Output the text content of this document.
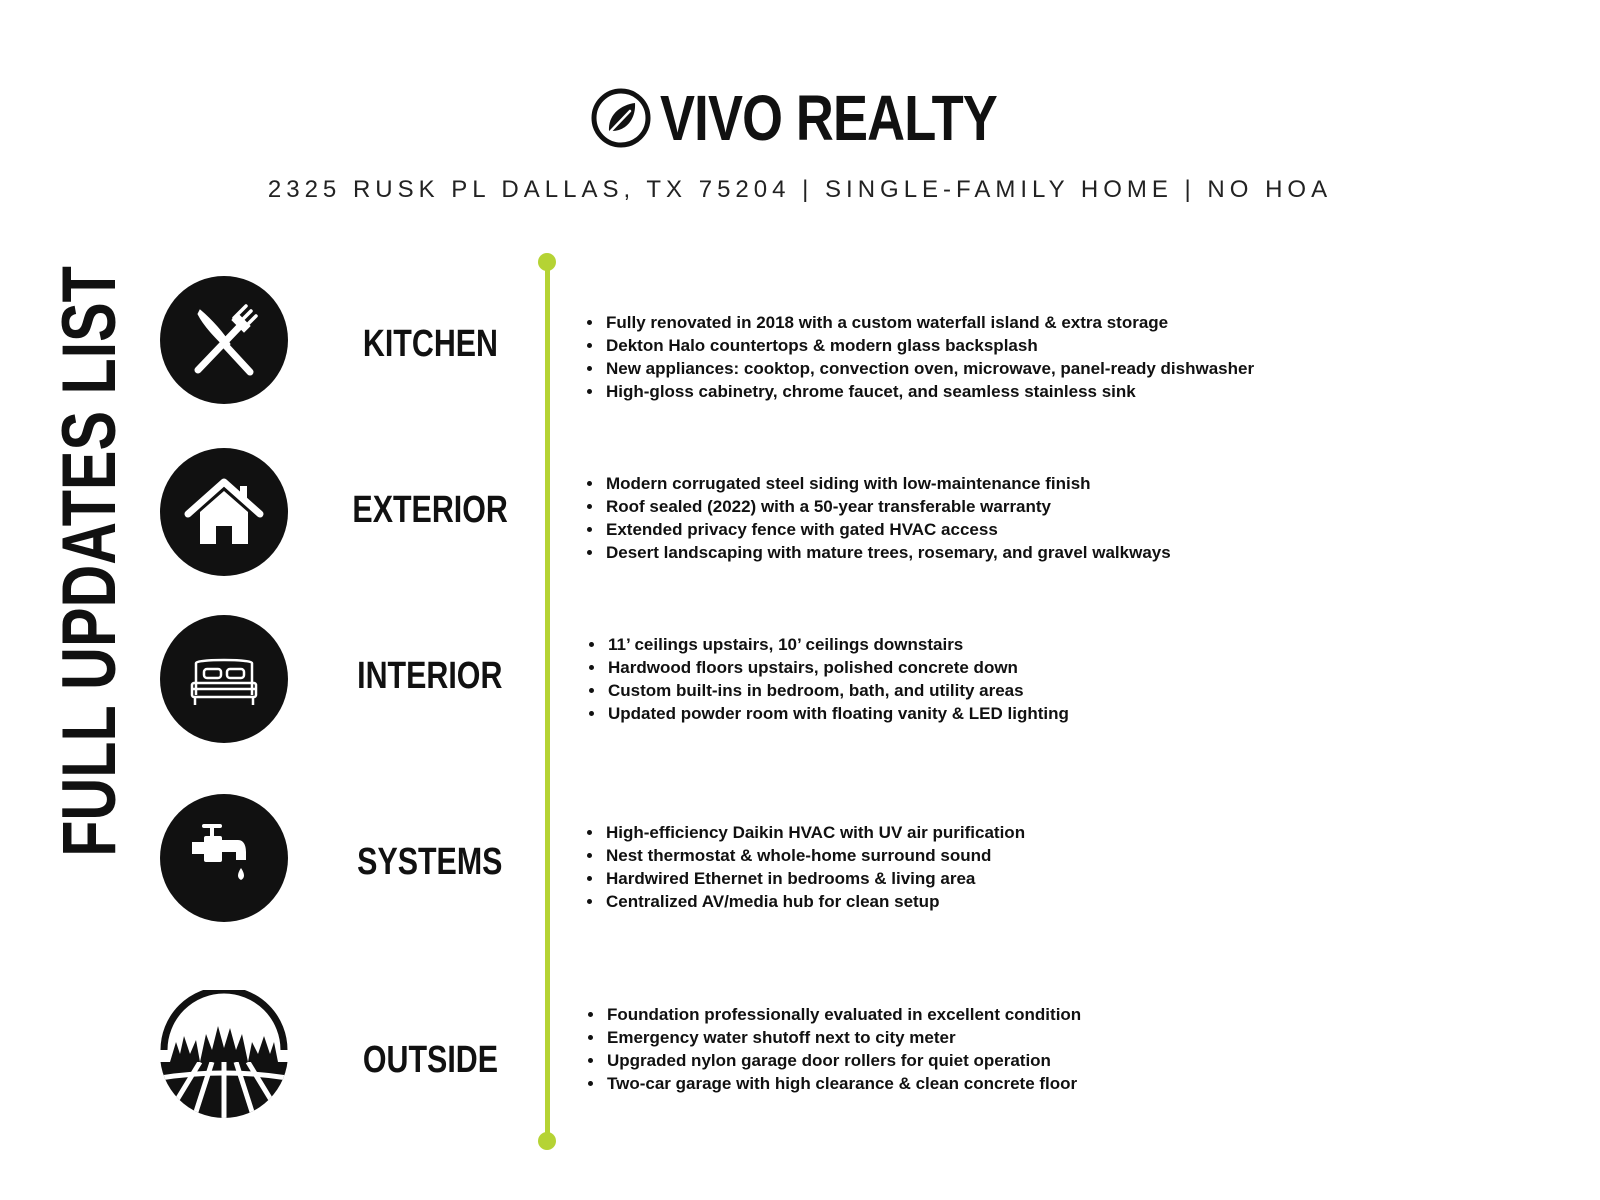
VIVO REALTY
2325 RUSK PL DALLAS, TX 75204 | SINGLE-FAMILY HOME | NO HOA
FULL UPDATES LIST	KITCHEN
• Fully renovated in 2018 with a custom waterfall island & extra storage
• Dekton Halo countertops & modern glass backsplash
• New appliances: cooktop, convection oven, microwave, panel-ready dishwasher
• High-gloss cabinetry, chrome faucet, and seamless stainless sink
EXTERIOR
• Modern corrugated steel siding with low-maintenance finish
• Roof sealed (2022) with a 50-year transferable warranty
• Extended privacy fence with gated HVAC access
• Desert landscaping with mature trees, rosemary, and gravel walkways
INTERIOR
• 11’ ceilings upstairs, 10’ ceilings downstairs
• Hardwood floors upstairs, polished concrete down
• Custom built-ins in bedroom, bath, and utility areas
• Updated powder room with floating vanity & LED lighting
SYSTEMS
• High-efficiency Daikin HVAC with UV air purification
• Nest thermostat & whole-home surround sound
• Hardwired Ethernet in bedrooms & living area
• Centralized AV/media hub for clean setup
OUTSIDE
• Foundation professionally evaluated in excellent condition
• Emergency water shutoff next to city meter
• Upgraded nylon garage door rollers for quiet operation
• Two-car garage with high clearance & clean concrete floor
